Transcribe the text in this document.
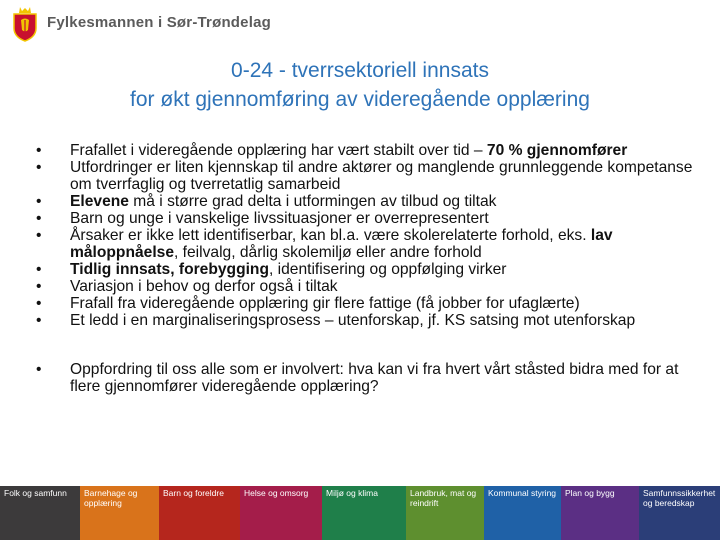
Fylkesmannen i Sør-Trøndelag
0-24 - tverrsektoriell innsats
for økt gjennomføring av videregående opplæring
• Frafallet i videregående opplæring har vært stabilt over tid – 70 % gjennomfører
• Utfordringer er liten kjennskap til andre aktører og manglende grunnleggende kompetanse om tverrfaglig og tverretatlig samarbeid
• Elevene må i større grad delta i utformingen av tilbud og tiltak
• Barn og unge i vanskelige livssituasjoner er overrepresentert
• Årsaker er ikke lett identifiserbar, kan bl.a. være skolerelaterte forhold, eks. lav måloppnåelse, feilvalg, dårlig skolemiljø eller andre forhold
• Tidlig innsats, forebygging, identifisering og oppfølging virker
• Variasjon i behov og derfor også i tiltak
• Frafall fra videregående opplæring gir flere fattige (få jobber for ufaglærte)
• Et ledd i en marginaliseringsprosess – utenforskap, jf. KS satsing mot utenforskap
• Oppfordring til oss alle som er involvert: hva kan vi fra hvert vårt ståsted bidra med for at flere gjennomfører videregående opplæring?
Folk og samfunn	Barnehage og opplæring
Barn og foreldre	Helse og omsorg	Miljø og klima	Landbruk, mat og reindrift
Kommunal styring	Plan og bygg	Samfunnssikkerhet og beredskap
